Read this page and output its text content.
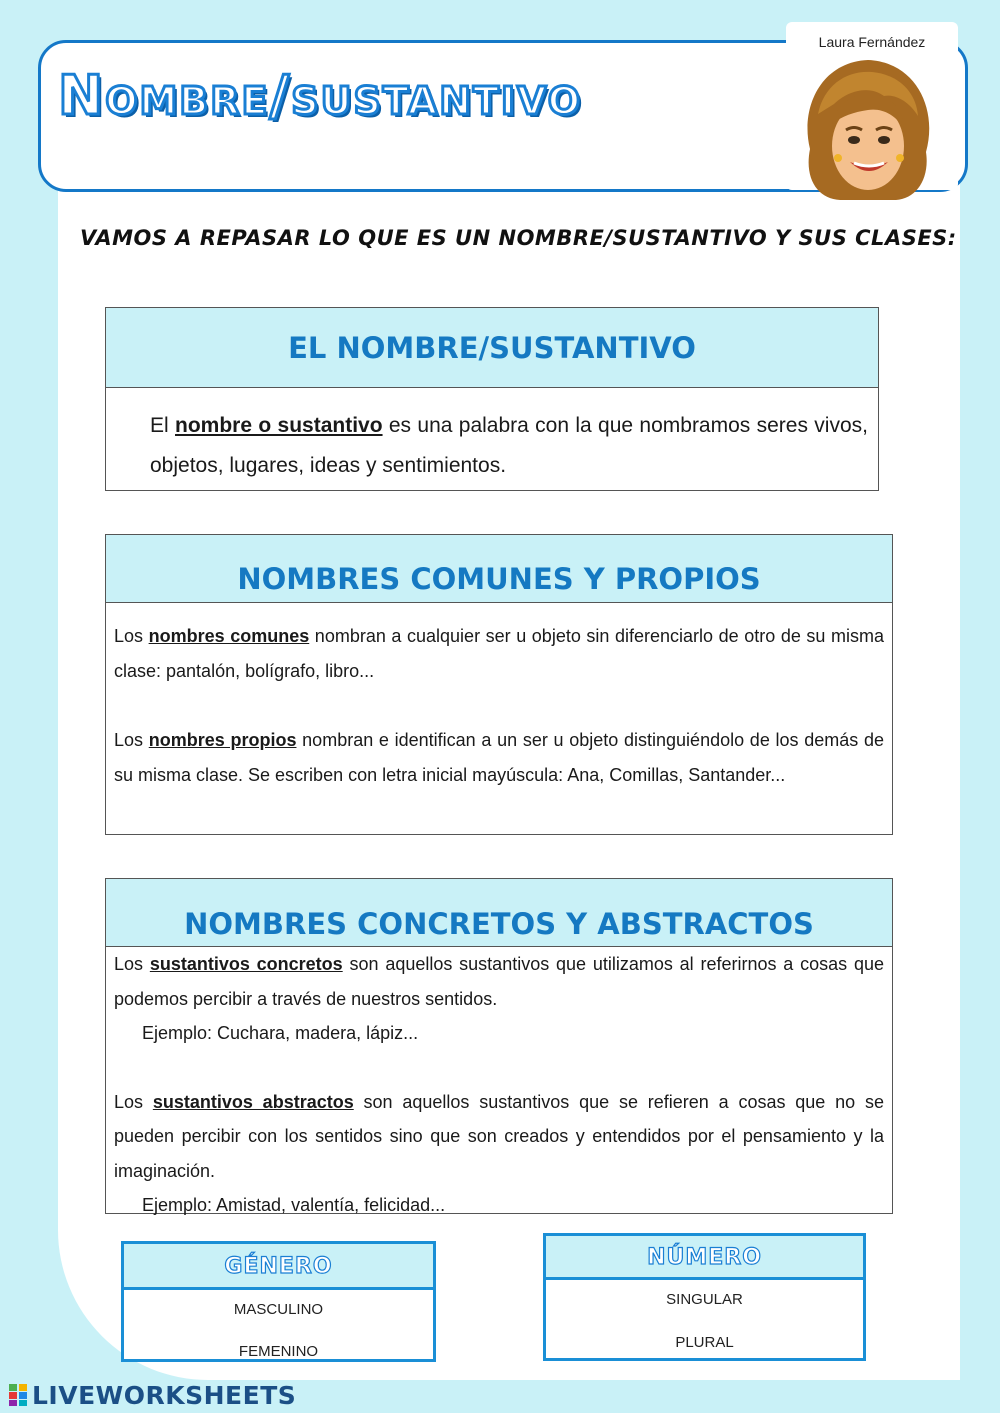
Nombre/sustantivo
Laura Fernández
VAMOS A REPASAR LO QUE ES UN NOMBRE/SUSTANTIVO Y SUS CLASES:
EL NOMBRE/SUSTANTIVO

El nombre o sustantivo es una palabra con la que nombramos seres vivos, objetos, lugares, ideas y sentimientos.

NOMBRES COMUNES Y PROPIOS

Los nombres comunes nombran a cualquier ser u objeto sin diferenciarlo de otro de su misma clase: pantalón, bolígrafo, libro...

Los nombres propios nombran e identifican a un ser u objeto distinguiéndolo de los demás de su misma clase. Se escriben con letra inicial mayúscula: Ana, Comillas, Santander...

NOMBRES CONCRETOS Y ABSTRACTOS

Los sustantivos concretos son aquellos sustantivos que utilizamos al referirnos a cosas que podemos percibir a través de nuestros sentidos.

Ejemplo: Cuchara, madera, lápiz...

Los sustantivos abstractos son aquellos sustantivos que se refieren a cosas que no se pueden percibir con los sentidos sino que son creados y entendidos por el pensamiento y la imaginación.

Ejemplo: Amistad, valentía, felicidad...

GÉNERO
MASCULINO
FEMENINO
NÚMERO
SINGULAR
PLURAL
LIVEWORKSHEETS
